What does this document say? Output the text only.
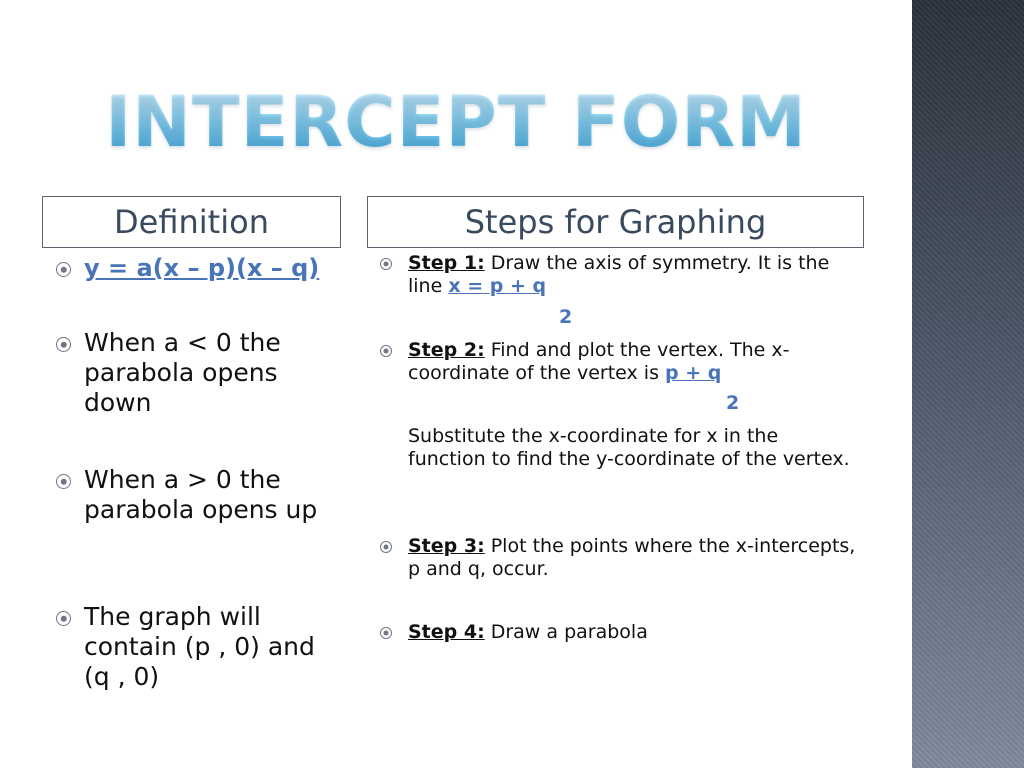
INTERCEPT FORM
Definition	Steps for Graphing
y = a(x – p)(x – q)
When a < 0 the parabola opens down
When a > 0 the parabola opens up
The graph will contain (p , 0) and (q , 0)
Step 1: Draw the axis of symmetry. It is the line x = p + q
2
Step 2: Find and plot the vertex. The x-coordinate of the vertex is p + q
2
Substitute the x-coordinate for x in the function to find the y-coordinate of the vertex.
Step 3: Plot the points where the x-intercepts, p and q, occur.
Step 4: Draw a parabola
